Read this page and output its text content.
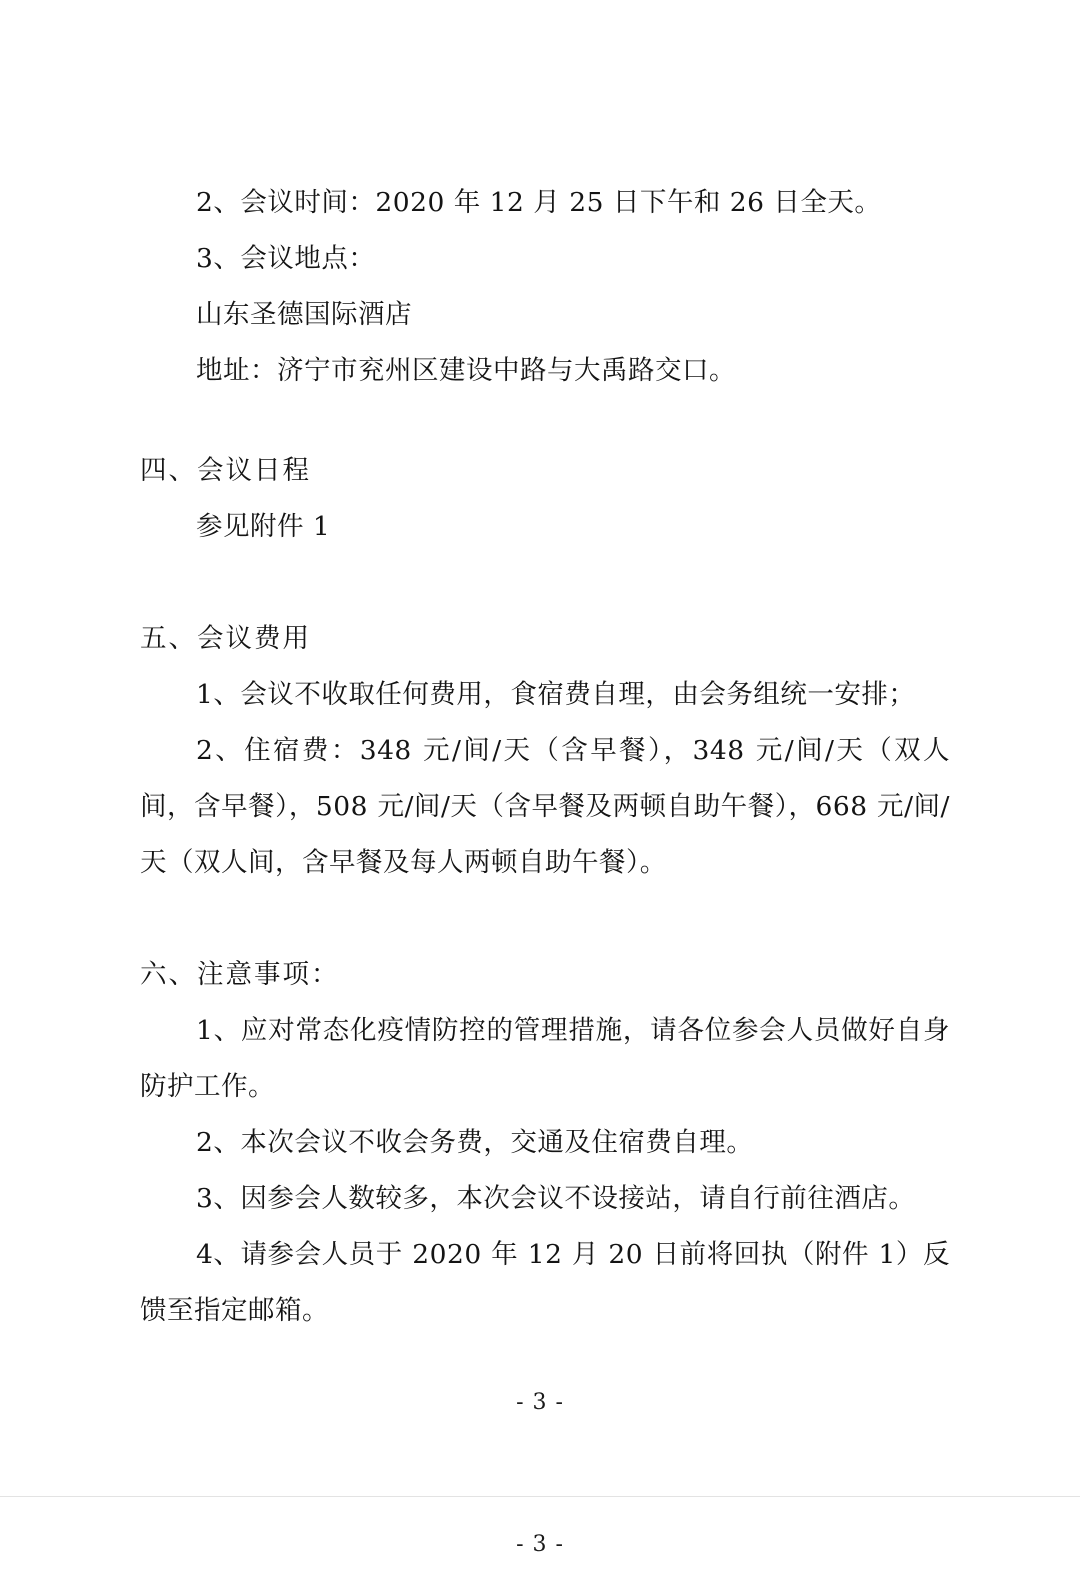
2、会议时间：2020 年 12 月 25 日下午和 26 日全天。

3、会议地点：

山东圣德国际酒店

地址：济宁市兖州区建设中路与大禹路交口。

四、会议日程

参见附件 1

五、会议费用

1、会议不收取任何费用，食宿费自理，由会务组统一安排；

2、住宿费：348 元/间/天（含早餐），348 元/间/天（双人间，含早餐），508 元/间/天（含早餐及两顿自助午餐），668 元/间/天（双人间，含早餐及每人两顿自助午餐）。

六、注意事项：

1、应对常态化疫情防控的管理措施，请各位参会人员做好自身防护工作。

2、本次会议不收会务费，交通及住宿费自理。

3、因参会人数较多，本次会议不设接站，请自行前往酒店。

4、请参会人员于 2020 年 12 月 20 日前将回执（附件 1）反馈至指定邮箱。

- 3 -
- 3 -
